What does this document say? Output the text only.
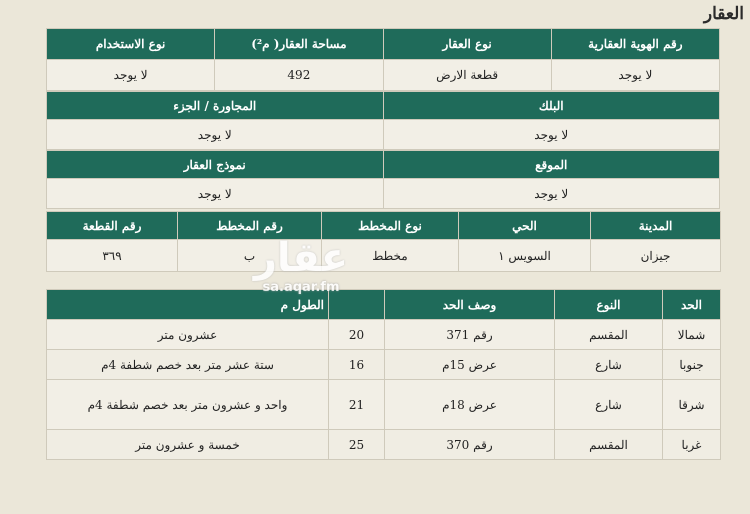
العقار
رقم الهوية العقارية	نوع العقار	مساحة العقار( م²)	نوع الاستخدام
لا يوجد	قطعة الارض	492	لا يوجد
البلك	المجاورة / الجزء
لا يوجد	لا يوجد
الموقع	نموذج العقار
لا يوجد	لا يوجد
المدينة	الحي	نوع المخطط	رقم المخطط	رقم القطعة
جيزان	السويس ١	مخطط	ب	٣٦٩
الحد	النوع	وصف الحد		الطول م
شمالا	المقسم	رقم 371	20	عشرون متر
جنوبا	شارع	عرض 15م	16	ستة عشر متر بعد خصم شطفة 4م
شرقا	شارع	عرض 18م	21	واحد و عشرون متر بعد خصم شطفة 4م
غربا	المقسم	رقم 370	25	خمسة و عشرون متر
عقار
sa.aqar.fm
